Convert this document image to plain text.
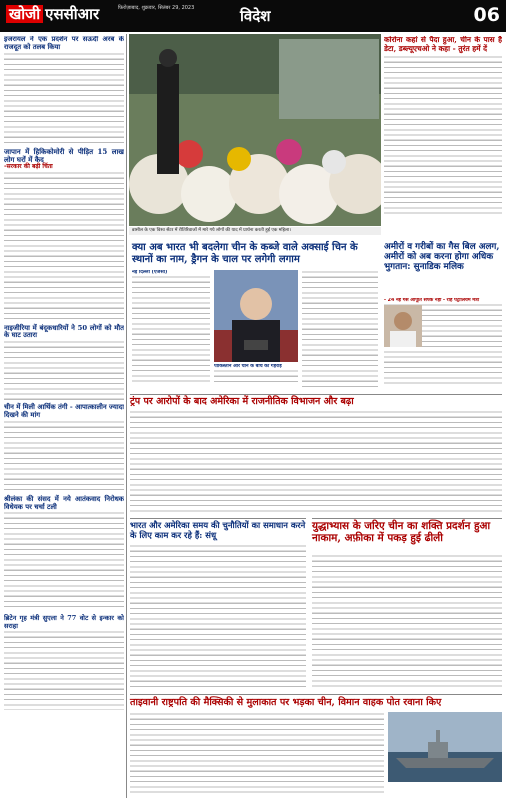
खोजी एससीआर	फ़िरोज़ाबाद, शुक्रवार, सितंबर 29, 2023	विदेश	06
इजरायल ने एक प्रदर्शन पर सऊदी अरब के राजदूत को तलब किया
जापान में हिकिकोमोरी से पीड़ित 15 लाख लोग घरों में कैद
-सरकार की बढ़ी चिंता
नाइजीरिया में बंदूकधारियों ने 50 लोगों को मौत के घाट उतारा
चीन में मिली आर्थिक तंगी - आपात्कालीन ज्यादा दिखने की मांग
श्रीलंका की संसद में नये आतंकवाद निरोधक विधेयक पर चर्चा टली
ब्रिटेन गृह मंत्री सुएला ने 77 वोट से इन्कार को सराहा
ब्रासील के एक विश्व सेंटर में रीतिरिवाजों में मारे गये लोगों की याद में प्रार्थना करती हुई एक महिला।
कोरोना कहां से पैदा हुआ, चीन के पास है डेटा, डब्ल्यूएचओ ने कहा - तुरंत हमें दें
क्या अब भारत भी बदलेगा चीन के कब्जे वाले अक्साई चिन के स्थानों का नाम, ड्रैगन के चाल पर लगेगी लगाम
नई दिल्ली (एजेंसी)
पाकिस्तान और चीन के बीच की गहराई
अमीरों व गरीबों का गैस बिल अलग, अमीरों को अब करना होगा अधिक भुगतान: सुनाडिक मलिक
- 24 नई गैस आपूर्ति संपर्क नहीं - राह पेट्रोलियम मंत्री
ट्रंप पर आरोपों के बाद अमेरिका में राजनीतिक विभाजन और बढ़ा
भारत और अमेरिका समय की चुनौतियों का समाधान करने के लिए काम कर रहे हैं: संधू
युद्धाभ्यास के जरिए चीन का शक्ति प्रदर्शन हुआ नाकाम, अफ़ीका में पकड़ हुई ढीली
ताइवानी राष्ट्रपति की मैक्सिकी से मुलाकात पर भड़का चीन, विमान वाहक पोत रवाना किए
